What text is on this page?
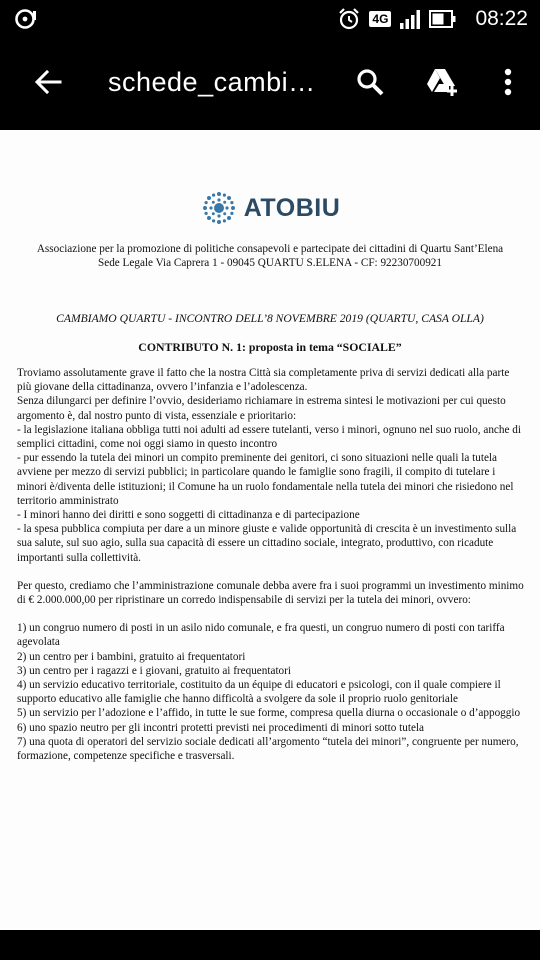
4G	08:22
schede_cambi…
ATOBIU
Associazione per la promozione di politiche consapevoli e partecipate dei cittadini di Quartu Sant’Elena
Sede Legale Via Caprera 1 - 09045 QUARTU S.ELENA - CF: 92230700921
CAMBIAMO QUARTU - INCONTRO DELL’8 NOVEMBRE 2019 (QUARTU, CASA OLLA)
CONTRIBUTO N. 1: proposta in tema “SOCIALE”

Troviamo assolutamente grave il fatto che la nostra Città sia completamente priva di servizi dedicati alla parte più giovane della cittadinanza, ovvero l’infanzia e l’adolescenza.

Senza dilungarci per definire l’ovvio, desideriamo richiamare in estrema sintesi le motivazioni per cui questo argomento è, dal nostro punto di vista, essenziale e prioritario:

- la legislazione italiana obbliga tutti noi adulti ad essere tutelanti, verso i minori, ognuno nel suo ruolo, anche di semplici cittadini, come noi oggi siamo in questo incontro

- pur essendo la tutela dei minori un compito preminente dei genitori, ci sono situazioni nelle quali la tutela avviene per mezzo di servizi pubblici; in particolare quando le famiglie sono fragili, il compito di tutelare i minori è/diventa delle istituzioni; il Comune ha un ruolo fondamentale nella tutela dei minori che risiedono nel territorio amministrato

- I minori hanno dei diritti e sono soggetti di cittadinanza e di partecipazione

- la spesa pubblica compiuta per dare a un minore giuste e valide opportunità di crescita è un investimento sulla sua salute, sul suo agio, sulla sua capacità di essere un cittadino sociale, integrato, produttivo, con ricadute importanti sulla collettività.

Per questo, crediamo che l’amministrazione comunale debba avere fra i suoi programmi un investimento minimo di € 2.000.000,00 per ripristinare un corredo indispensabile di servizi per la tutela dei minori, ovvero:

1) un congruo numero di posti in un asilo nido comunale, e fra questi, un congruo numero di posti con tariffa agevolata

2) un centro per i bambini, gratuito ai frequentatori

3) un centro per i ragazzi e i giovani, gratuito ai frequentatori

4) un servizio educativo territoriale, costituito da un équipe di educatori e psicologi, con il quale compiere il supporto educativo alle famiglie che hanno difficoltà a svolgere da sole il proprio ruolo genitoriale

5) un servizio per l’adozione e l’affido, in tutte le sue forme, compresa quella diurna o occasionale o d’appoggio

6) uno spazio neutro per gli incontri protetti previsti nei procedimenti di minori sotto tutela

7) una quota di operatori del servizio sociale dedicati all’argomento “tutela dei minori”, congruente per numero, formazione, competenze specifiche e trasversali.
